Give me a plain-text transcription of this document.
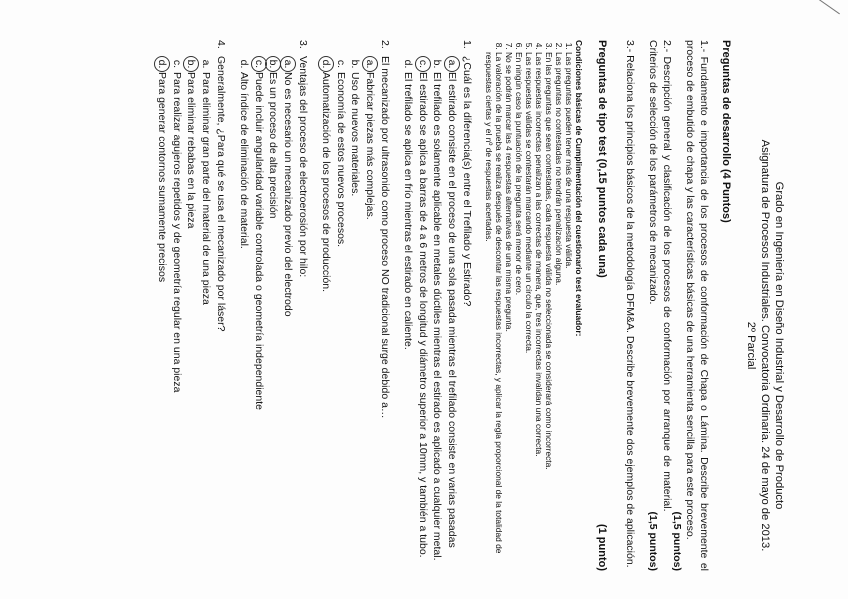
Grado en Ingeniería en Diseño Industrial y Desarrollo de Producto
Asignatura de Procesos Industriales. Convocatoria Ordinaria. 24 de mayo de 2013.
2º Parcial
Preguntas de desarrollo (4 Puntos)
1.- Fundamento e importancia de los procesos de conformación de Chapa o Lámina. Describe brevemente el proceso de embutido de chapa y las características básicas de una herramienta sencilla para este proceso.
(1,5 puntos)
2.- Descripción general y clasificación de los procesos de conformación por arranque de material. Criterios de selección de los parámetros de mecanizado.
(1,5 puntos)
3.- Relaciona los principios básicos de la metodología DFM&A. Describe brevemente dos ejemplos de aplicación.
Preguntas de tipo test (0,15 puntos cada una)
(1 punto)
Condiciones básicas de Cumplimentación del cuestionario test evaluador:
1. Las preguntas pueden tener más de una respuesta válida.
2. Las preguntas no contestadas no tendrán penalización alguna.
3. En las preguntas que sean contestadas, cada respuesta válida no seleccionada se considerará como incorrecta.
4. Las respuestas incorrectas penalizan a las correctas de manera, que, tres incorrectas invalidan una correcta.
5. Las respuestas válidas se contestarán marcando mediante un círculo la correcta.
6. En ningún caso la puntuación de la pregunta será menor de cero.
7. No se podrán marcar las 4 respuestas alternativas de una misma pregunta.
8. La valoración de la prueba se realiza después de descontar las respuestas incorrectas, y aplicar la regla proporcional de la totalidad de respuestas ciertas y el nº de respuestas acertadas.
1.
¿Cuál es la diferencia(s) entre el Trefilado y Estirado?
a.
El estirado consiste en el proceso de una sola pasada mientras el trefilado consiste en varias pasadas
b.
El trefilado es solamente aplicable en metales dúctiles mientras el estirado es aplicado a cualquier metal.
c.
El estirado se aplica a barras de 4 a 6 metros de longitud y diámetro superior a 10mm, y también a tubo.
d.
El trefilado se aplica en frío mientras el estirado en caliente.
2.
El mecanizado por ultrasonido como proceso NO tradicional surge debido a…
a.
Fabricar piezas más complejas.
b.
Uso de nuevos materiales.
c.
Economía de estos nuevos procesos.
d.
Automatización de los procesos de producción.
3.
Ventajas del proceso de electroerosión por hilo:
a.
No es necesario un mecanizado previo del electrodo
b.
Es un proceso de alta precisión
c.
Puede incluir angularidad variable controlada o geometría independiente
d.
Alto índice de eliminación de material.
4.
Generalmente, ¿Para qué se usa el mecanizado por láser?
a.
Para eliminar gran parte del material de una pieza
b.
Para eliminar rebabas en la pieza
c.
Para realizar agujeros repetidos y de geometría regular en una pieza
d.
Para generar contornos sumamente precisos
